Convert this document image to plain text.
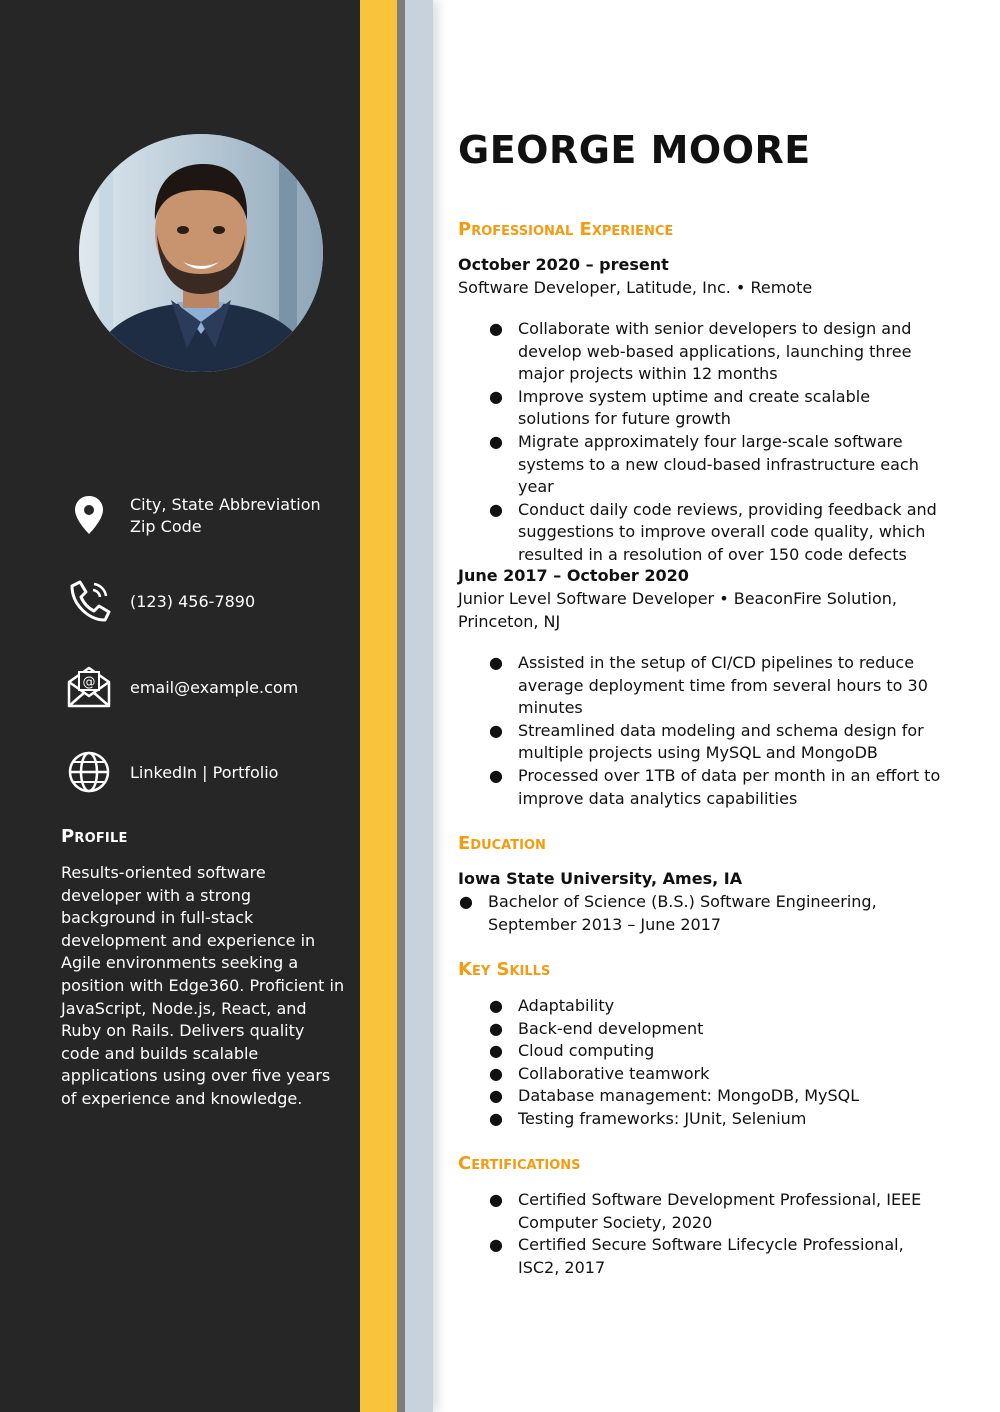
City, State Abbreviation Zip Code
(123) 456-7890
@ email@example.com
LinkedIn | Portfolio
Profile
Results-oriented software developer with a strong background in full-stack development and experience in Agile environments seeking a position with Edge360. Proficient in JavaScript, Node.js, React, and Ruby on Rails. Delivers quality code and builds scalable applications using over five years of experience and knowledge.
GEORGE MOORE
Professional Experience
October 2020 – present
Software Developer, Latitude, Inc. • Remote
● Collaborate with senior developers to design and develop web-based applications, launching three major projects within 12 months
● Improve system uptime and create scalable solutions for future growth
● Migrate approximately four large-scale software systems to a new cloud-based infrastructure each year
● Conduct daily code reviews, providing feedback and suggestions to improve overall code quality, which resulted in a resolution of over 150 code defects
June 2017 – October 2020
Junior Level Software Developer • BeaconFire Solution, Princeton, NJ
● Assisted in the setup of CI/CD pipelines to reduce average deployment time from several hours to 30 minutes
● Streamlined data modeling and schema design for multiple projects using MySQL and MongoDB
● Processed over 1TB of data per month in an effort to improve data analytics capabilities
Education
Iowa State University, Ames, IA
● Bachelor of Science (B.S.) Software Engineering, September 2013 – June 2017
Key Skills
● Adaptability
● Back-end development
● Cloud computing
● Collaborative teamwork
● Database management: MongoDB, MySQL
● Testing frameworks: JUnit, Selenium
Certifications
● Certified Software Development Professional, IEEE Computer Society, 2020
● Certified Secure Software Lifecycle Professional, ISC2, 2017
